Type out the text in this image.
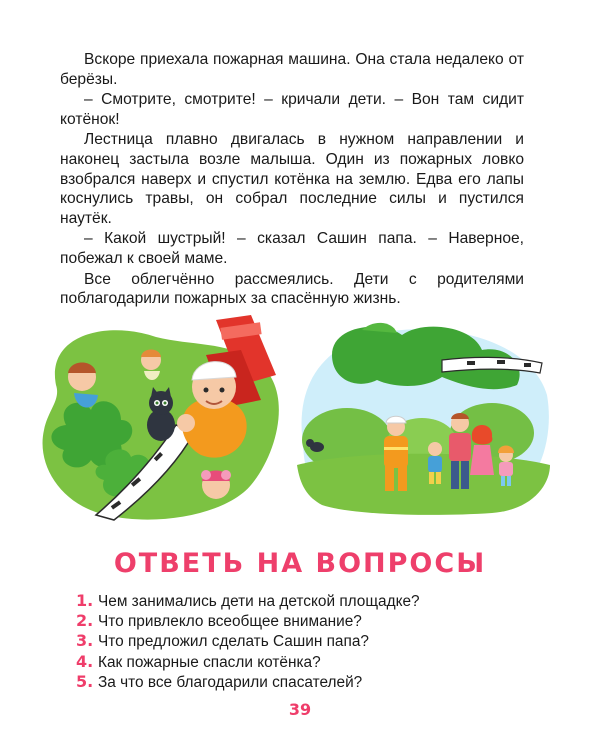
Вскоре приехала пожарная машина. Она стала недалеко от берёзы.

– Смотрите, смотрите! – кричали дети. – Вон там сидит котёнок!

Лестница плавно двигалась в нужном направлении и наконец застыла возле малыша. Один из пожарных ловко взобрался наверх и спустил котёнка на землю. Едва его лапы коснулись травы, он собрал последние силы и пустился наутёк.

– Какой шустрый! – сказал Сашин папа. – Наверное, побежал к своей маме.

Все облегчённо рассмеялись. Дети с родителями поблагодарили пожарных за спасённую жизнь.

ОТВЕТЬ НА ВОПРОСЫ
1. Чем занимались дети на детской площадке?
2. Что привлекло всеобщее внимание?
3. Что предложил сделать Сашин папа?
4. Как пожарные спасли котёнка?
5. За что все благодарили спасателей?
39
